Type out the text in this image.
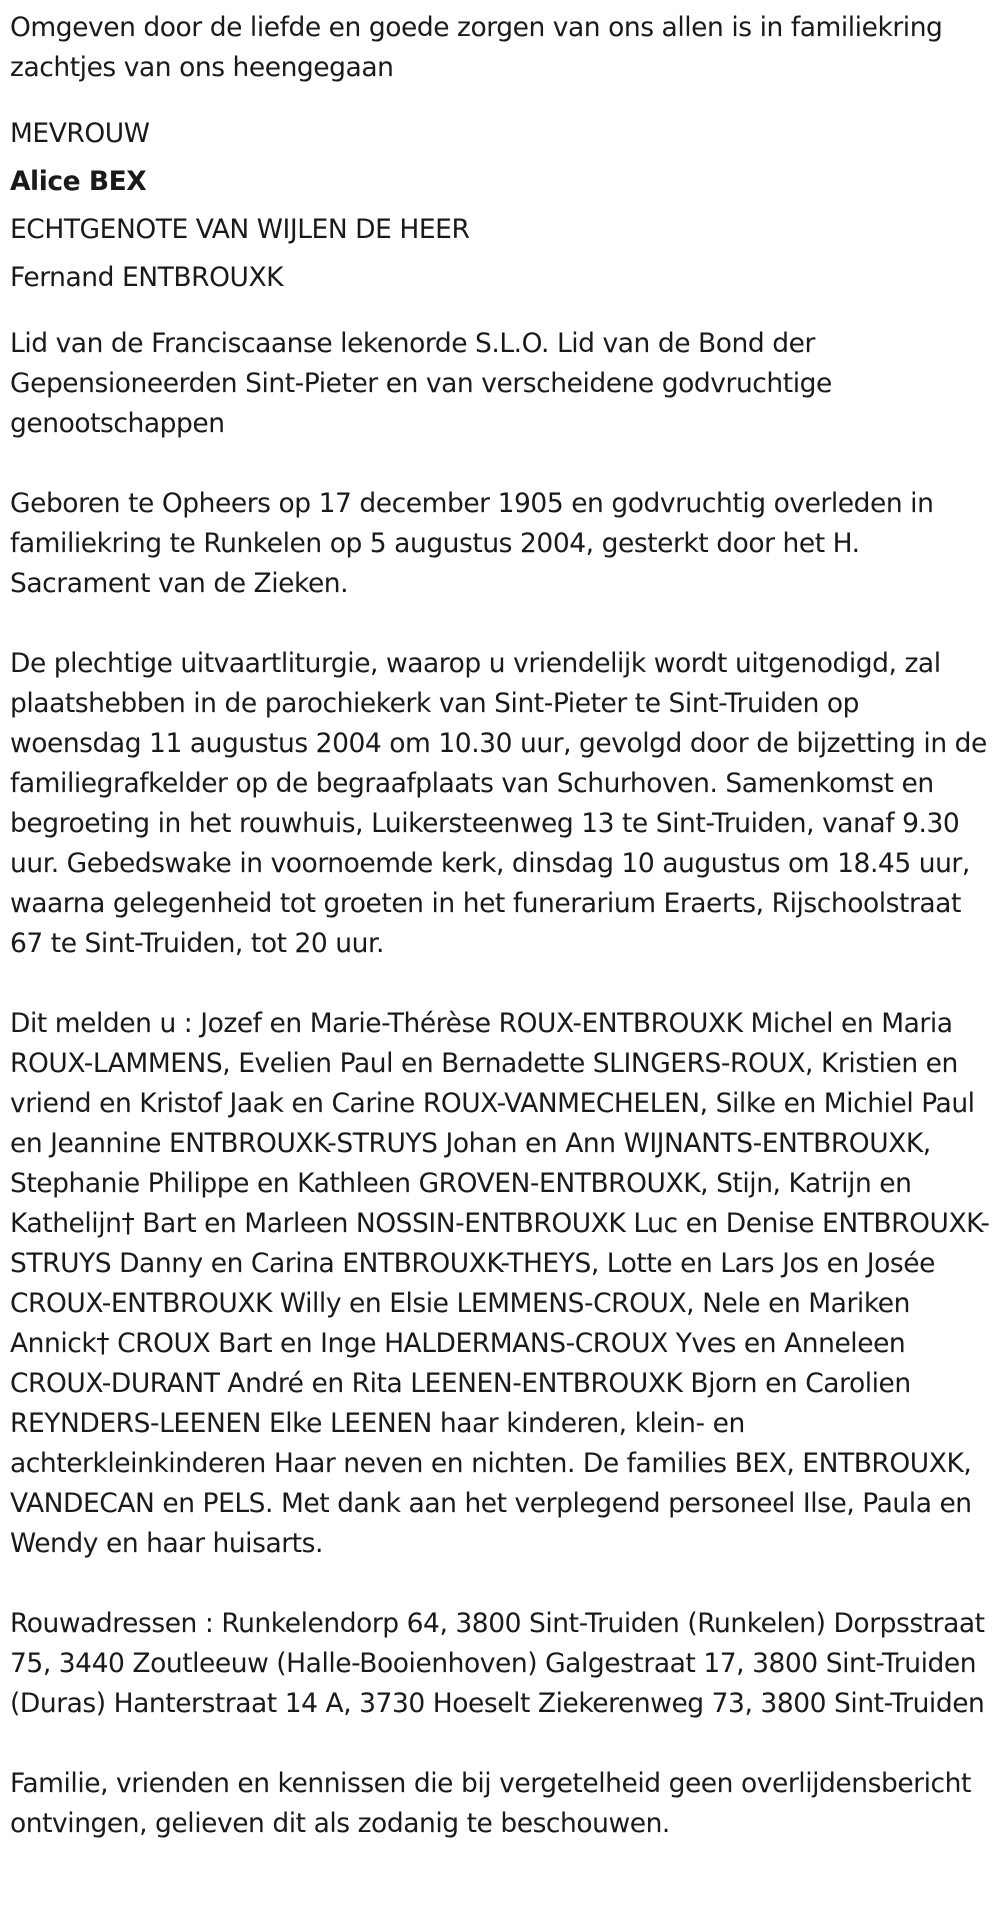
Omgeven door de liefde en goede zorgen van ons allen is in familiekring zachtjes van ons heengegaan

MEVROUW

Alice BEX

ECHTGENOTE VAN WIJLEN DE HEER

Fernand ENTBROUXK

Lid van de Franciscaanse lekenorde S.L.O. Lid van de Bond der Gepensioneerden Sint-Pieter en van verscheidene godvruchtige genootschappen

Geboren te Opheers op 17 december 1905 en godvruchtig overleden in familiekring te Runkelen op 5 augustus 2004, gesterkt door het H. Sacrament van de Zieken.

De plechtige uitvaartliturgie, waarop u vriendelijk wordt uitgenodigd, zal plaatshebben in de parochiekerk van Sint-Pieter te Sint-Truiden op woensdag 11 augustus 2004 om 10.30 uur, gevolgd door de bijzetting in de familiegrafkelder op de begraafplaats van Schurhoven. Samenkomst en begroeting in het rouwhuis, Luikersteenweg 13 te Sint-Truiden, vanaf 9.30 uur. Gebedswake in voornoemde kerk, dinsdag 10 augustus om 18.45 uur, waarna gelegenheid tot groeten in het funerarium Eraerts, Rijschoolstraat 67 te Sint-Truiden, tot 20 uur.

Dit melden u : Jozef en Marie-Thérèse ROUX-ENTBROUXK Michel en Maria ROUX-LAMMENS, Evelien Paul en Bernadette SLINGERS-ROUX, Kristien en vriend en Kristof Jaak en Carine ROUX-VANMECHELEN, Silke en Michiel Paul en Jeannine ENTBROUXK-STRUYS Johan en Ann WIJNANTS-ENTBROUXK, Stephanie Philippe en Kathleen GROVEN-ENTBROUXK, Stijn, Katrijn en Kathelijn† Bart en Marleen NOSSIN-ENTBROUXK Luc en Denise ENTBROUXK-STRUYS Danny en Carina ENTBROUXK-THEYS, Lotte en Lars Jos en Josée CROUX-ENTBROUXK Willy en Elsie LEMMENS-CROUX, Nele en Mariken Annick† CROUX Bart en Inge HALDERMANS-CROUX Yves en Anneleen CROUX-DURANT André en Rita LEENEN-ENTBROUXK Bjorn en Carolien REYNDERS-LEENEN Elke LEENEN haar kinderen, klein- en achterkleinkinderen Haar neven en nichten. De families BEX, ENTBROUXK, VANDECAN en PELS. Met dank aan het verplegend personeel Ilse, Paula en Wendy en haar huisarts.

Rouwadressen : Runkelendorp 64, 3800 Sint-Truiden (Runkelen) Dorpsstraat 75, 3440 Zoutleeuw (Halle-Booienhoven) Galgestraat 17, 3800 Sint-Truiden (Duras) Hanterstraat 14 A, 3730 Hoeselt Ziekerenweg 73, 3800 Sint-Truiden

Familie, vrienden en kennissen die bij vergetelheid geen overlijdensbericht ontvingen, gelieven dit als zodanig te beschouwen.
